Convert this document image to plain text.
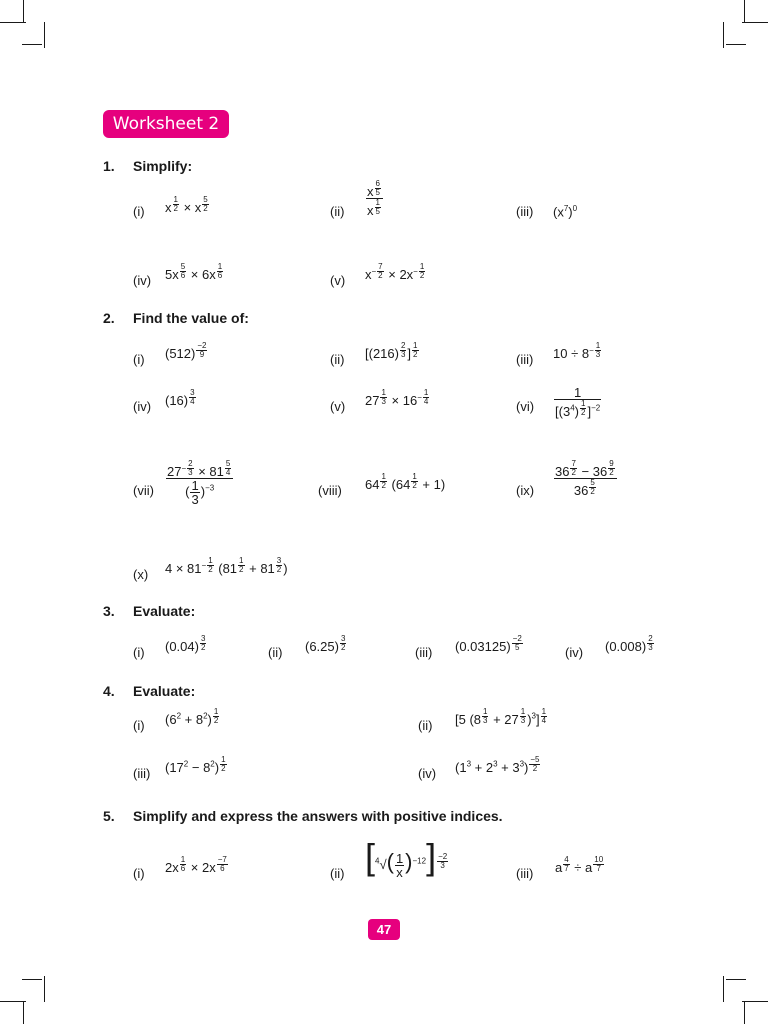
Worksheet 2
1. Simplify:
(i) x $^{\frac{1}{2}}$ × x $^{\frac{5}{2}}$	(ii) x $^{\frac{6}{5}}$
x $^{\frac{1}{5}}$	(iii) $(x^7)^0$
(iv) 5x $^{\frac{5}{6}}$ × 6x $^{\frac{1}{6}}$
(v) $x^{- \frac{7}{2}} \times 2x^{- \frac{1}{2}}$
2. Find the value of:
(i) (512) $^{\frac{-2}{9}}$
(ii) [(216) $^{\frac{2}{3}}$ ] $^{\frac{1}{2}}$
(iii) $10 \div 8^{- \frac{1}{3}}$
(iv) (16) $^{\frac{3}{4}}$
(v) 27 $^{\frac{1}{3}} \times 16^{- \frac{1}{4}}$
(vi) 1
[$(3^4)$ $^{\frac{1}{2}}$ ]$^{-2}$
(vii) $27^{- \frac{2}{3}} \times 81$ $^{\frac{5}{4}}$
( $\frac{1}{3} )^{-3}$	(viii) 64 $^{\frac{1}{2}}$ (64 $^{\frac{1}{2}}$ + 1)	(ix) 36 $^{\frac{7}{2}}$ − 36 $^{\frac{9}{2}}$
36 $^{\frac{5}{2}}$
(x) $4 \times 81^{- \frac{1}{2}}$ (81 $^{\frac{1}{2}}$ + 81 $^{\frac{3}{2}}$ )
3. Evaluate:
(i) (0.04) $^{\frac{3}{2}}$
(ii) (6.25) $^{\frac{3}{2}}$
(iii) (0.03125) $^{\frac{-2}{5}}$
(iv) (0.008) $^{\frac{2}{3}}$
4. Evaluate:
(i) $(6^2 + 8^2)$ $^{\frac{1}{2}}$
(ii) [5 (8 $^{\frac{1}{3}}$ + 27 $^{\frac{1}{3}}$ )$^3$] $^{\frac{1}{4}}$
(iii) $(17^2 - 8^2)$ $^{\frac{1}{2}}$
(iv) $(1^3 + 2^3 + 3^3)$ $^{\frac{-5}{2}}$
5. Simplify and express the answers with positive indices.
(i) 2x $^{\frac{1}{6}}$ × 2x $^{\frac{-7}{6}}$
(ii) $[^4√( \frac{1}{x} )^{-12}]$ $^{\frac{-2}{3}}$
(iii) a $^{\frac{4}{7}}$ ÷ a $^{\frac{10}{7}}$
47
